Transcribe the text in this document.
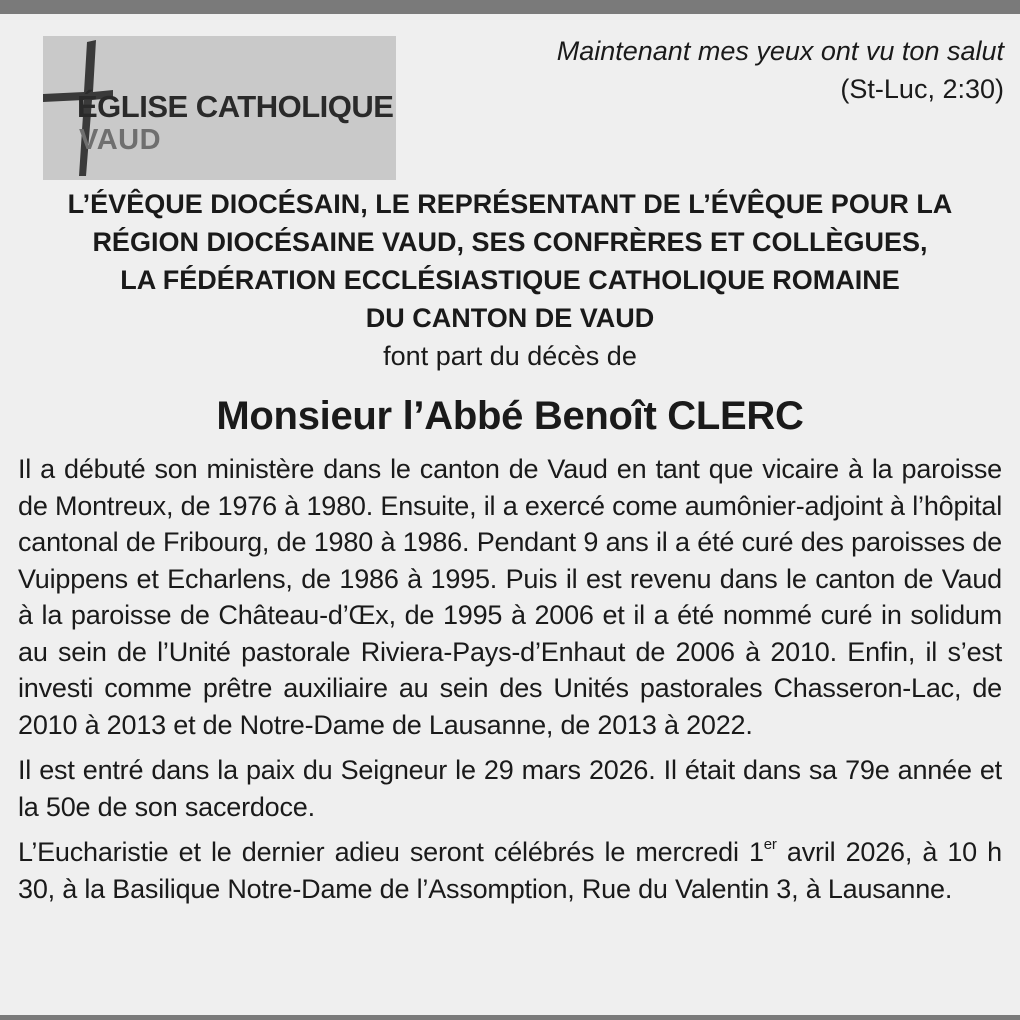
ÉGLISE CATHOLIQUE
VAUD
Maintenant mes yeux ont vu ton salut
(St-Luc, 2:30)
L’ÉVÊQUE DIOCÉSAIN, LE REPRÉSENTANT DE L’ÉVÊQUE POUR LA
RÉGION DIOCÉSAINE VAUD, SES CONFRÈRES ET COLLÈGUES,
LA FÉDÉRATION ECCLÉSIASTIQUE CATHOLIQUE ROMAINE
DU CANTON DE VAUD
font part du décès de
Monsieur l’Abbé Benoît CLERC

Il a débuté son ministère dans le canton de Vaud en tant que vicaire à la paroisse de Montreux, de 1976 à 1980. Ensuite, il a exercé come aumônier-adjoint à l’hôpital cantonal de Fribourg, de 1980 à 1986. Pendant 9 ans il a été curé des paroisses de Vuippens et Echarlens, de 1986 à 1995. Puis il est revenu dans le canton de Vaud à la paroisse de Château-d’Œx, de 1995 à 2006 et il a été nommé curé in solidum au sein de l’Unité pastorale Riviera-Pays-d’Enhaut de 2006 à 2010. Enfin, il s’est investi comme prêtre auxiliaire au sein des Unités pastorales Chasseron-Lac, de 2010 à 2013 et de Notre-Dame de Lausanne, de 2013 à 2022.

Il est entré dans la paix du Seigneur le 29 mars 2026. Il était dans sa 79e année et la 50e de son sacerdoce.

L’Eucharistie et le dernier adieu seront célébrés le mercredi 1er avril 2026, à 10 h 30, à la Basilique Notre-Dame de l’Assomption, Rue du Valentin 3, à Lausanne.
